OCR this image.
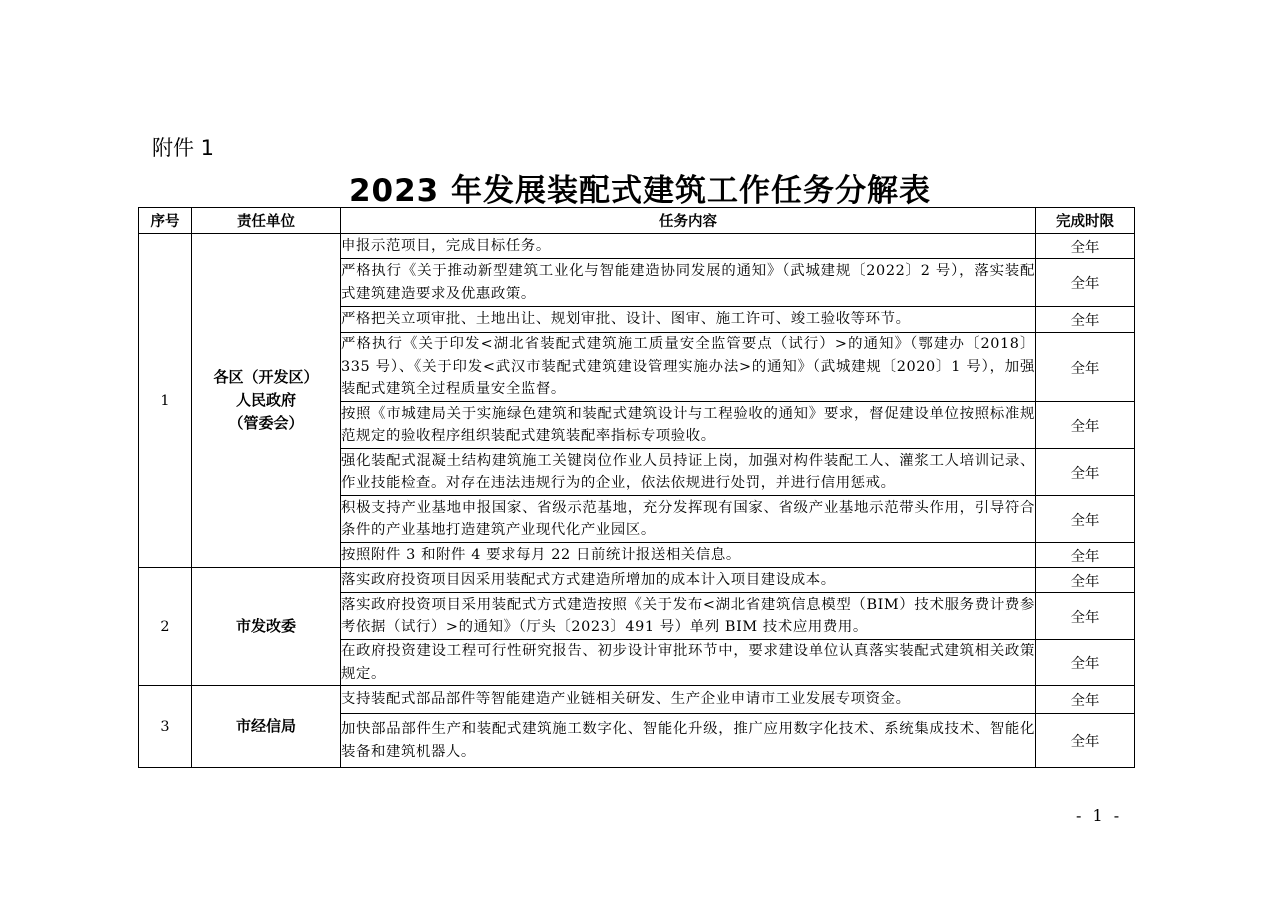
附件 1
2023 年发展装配式建筑工作任务分解表
序号	责任单位	任务内容	完成时限
1	各区（开发区）
人民政府
（管委会）	申报示范项目，完成目标任务。	全年
		严格执行《关于推动新型建筑工业化与智能建造协同发展的通知》（武城建规〔2022〕2 号），落实装配式建筑建造要求及优惠政策。	全年
		严格把关立项审批、土地出让、规划审批、设计、图审、施工许可、竣工验收等环节。	全年
		严格执行《关于印发<湖北省装配式建筑施工质量安全监管要点（试行）>的通知》（鄂建办〔2018〕335 号）、《关于印发<武汉市装配式建筑建设管理实施办法>的通知》（武城建规〔2020〕1 号），加强装配式建筑全过程质量安全监督。	全年
		按照《市城建局关于实施绿色建筑和装配式建筑设计与工程验收的通知》要求，督促建设单位按照标准规范规定的验收程序组织装配式建筑装配率指标专项验收。	全年
		强化装配式混凝土结构建筑施工关键岗位作业人员持证上岗，加强对构件装配工人、灌浆工人培训记录、作业技能检查。对存在违法违规行为的企业，依法依规进行处罚，并进行信用惩戒。	全年
		积极支持产业基地申报国家、省级示范基地，充分发挥现有国家、省级产业基地示范带头作用，引导符合条件的产业基地打造建筑产业现代化产业园区。	全年
		按照附件 3 和附件 4 要求每月 22 日前统计报送相关信息。	全年
2	市发改委	落实政府投资项目因采用装配式方式建造所增加的成本计入项目建设成本。	全年
		落实政府投资项目采用装配式方式建造按照《关于发布<湖北省建筑信息模型（BIM）技术服务费计费参考依据（试行）>的通知》（厅头〔2023〕491 号）单列 BIM 技术应用费用。	全年
		在政府投资建设工程可行性研究报告、初步设计审批环节中，要求建设单位认真落实装配式建筑相关政策规定。	全年
3	市经信局	支持装配式部品部件等智能建造产业链相关研发、生产企业申请市工业发展专项资金。	全年
		加快部品部件生产和装配式建筑施工数字化、智能化升级，推广应用数字化技术、系统集成技术、智能化装备和建筑机器人。	全年
- 1 -
